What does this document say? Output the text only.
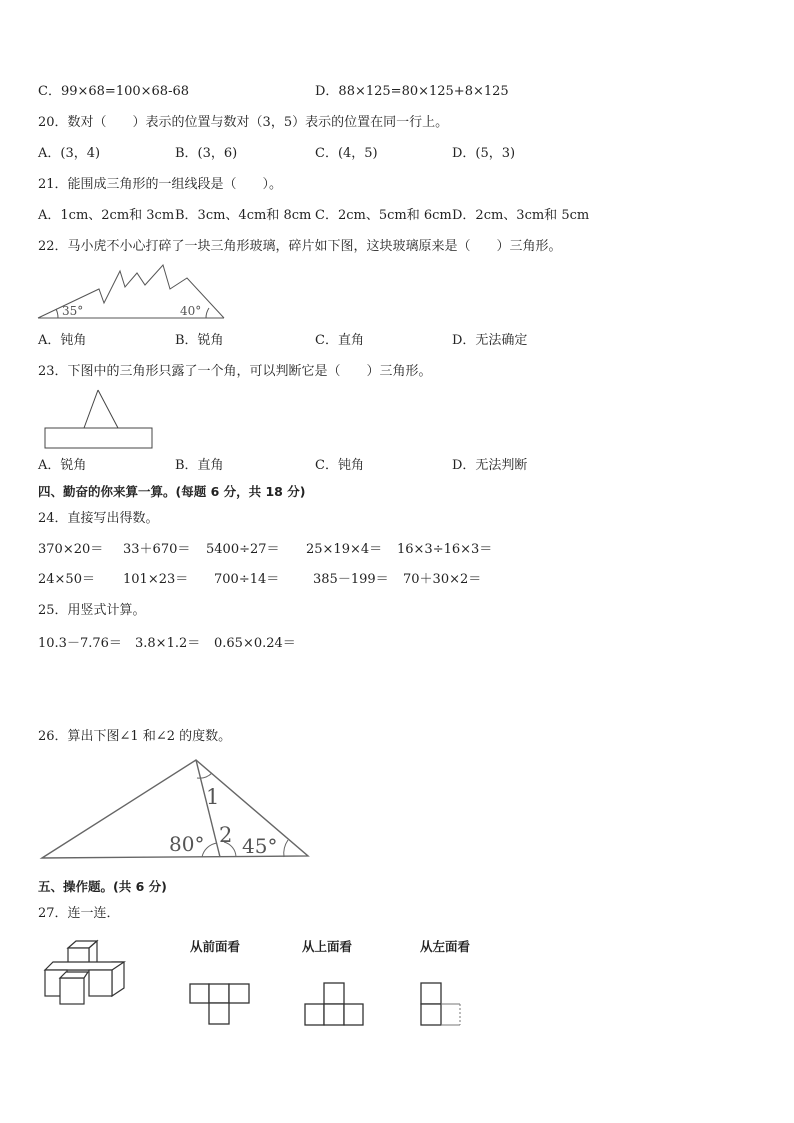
C．99×68=100×68-68	D．88×125=80×125+8×125
20．数对（　　）表示的位置与数对（3，5）表示的位置在同一行上。
A．(3，4)	B．(3，6)	C．(4，5)	D．(5，3)
21．能围成三角形的一组线段是（　　）。
A．1cm、2cm和 3cm B．3cm、4cm和 8cm C．2cm、5cm和 6cm D．2cm、3cm和 5cm
22．马小虎不小心打碎了一块三角形玻璃，碎片如下图，这块玻璃原来是（　　）三角形。
35°	40°
A．钝角	B．锐角	C．直角	D．无法确定
23．下图中的三角形只露了一个角，可以判断它是（　　）三角形。
A．锐角	B．直角	C．钝角	D．无法判断
四、勤奋的你来算一算。(每题 6 分，共 18 分)
24．直接写出得数。
370×20＝ 33＋670＝ 5400÷27＝ 25×19×4＝ 16×3÷16×3＝
24×50＝ 101×23＝ 700÷14＝	385－199＝ 70＋30×2＝
25．用竖式计算。
10.3－7.76＝ 3.8×1.2＝ 0.65×0.24＝
26．算出下图∠1 和∠2 的度数。
1
2
80° 45°
五、操作题。(共 6 分)
27．连一连．
从前面看	从上面看	从左面看
